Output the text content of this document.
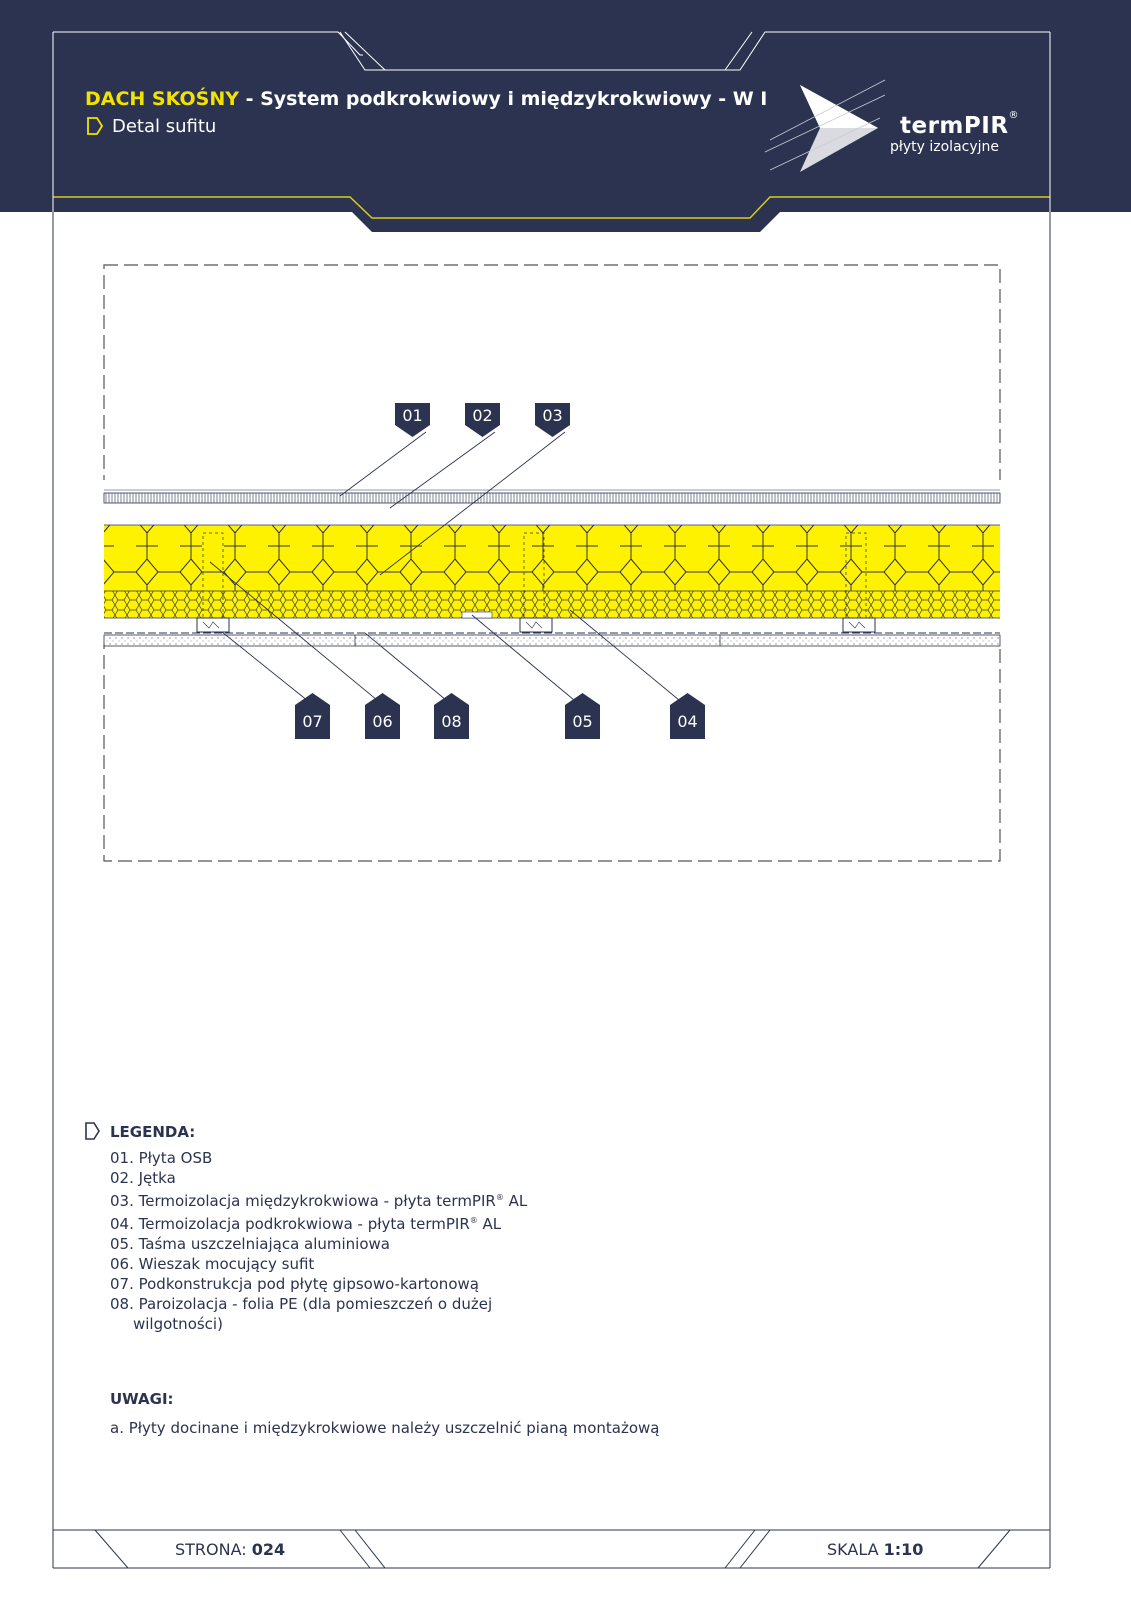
01	02	03
07	06	08	05	04
DACH SKOŚNY - System podkrokwiowy i międzykrokwiowy - W I
Detal sufitu	termPIR®
płyty izolacyjne
LEGENDA:
01. Płyta OSB
02. Jętka
03. Termoizolacja międzykrokwiowa - płyta termPIR® AL
04. Termoizolacja podkrokwiowa - płyta termPIR® AL
05. Taśma uszczelniająca aluminiowa
06. Wieszak mocujący sufit
07. Podkonstrukcja pod płytę gipsowo-kartonową
08. Paroizolacja - folia PE (dla pomieszczeń o dużej
wilgotności)
UWAGI:
a. Płyty docinane i międzykrokwiowe należy uszczelnić pianą montażową
STRONA: 024	SKALA 1:10
